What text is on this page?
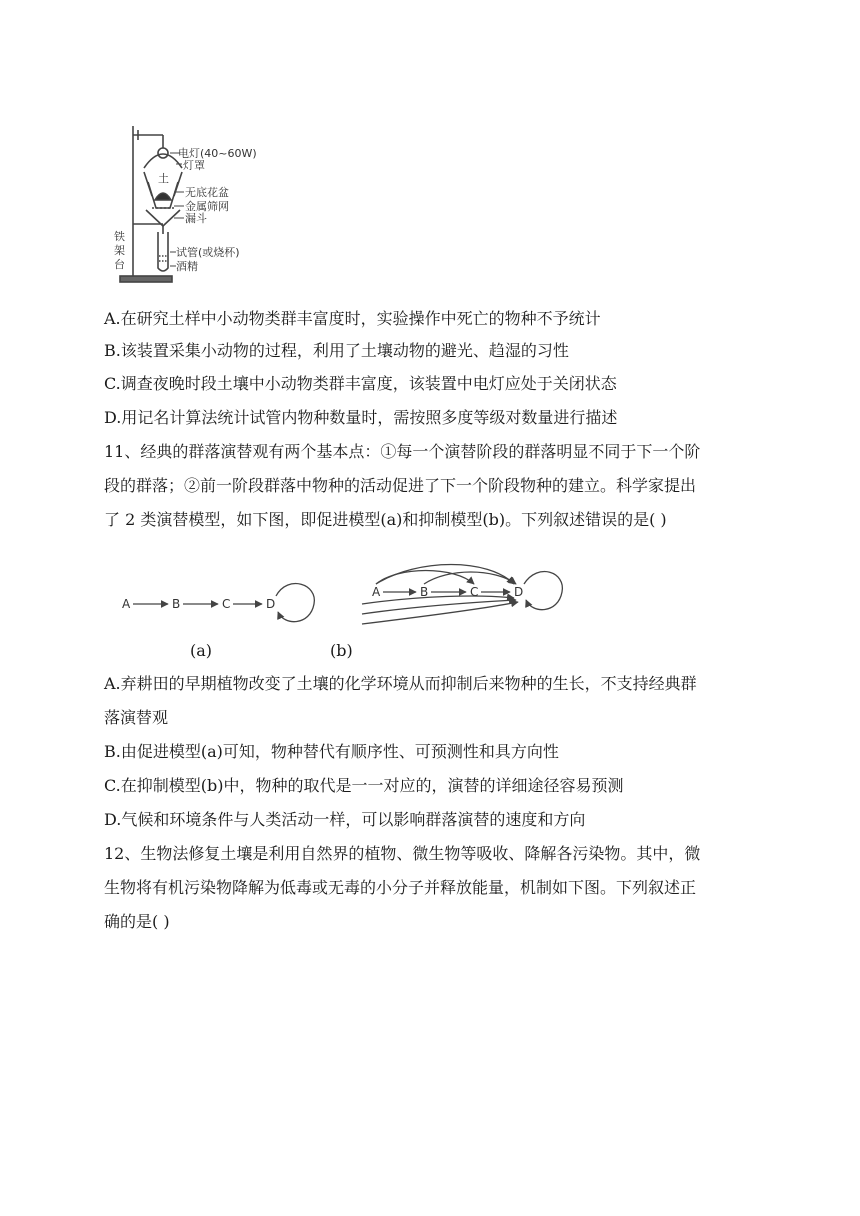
电灯(40~60W)
灯罩
土
无底花盆
金属筛网
漏斗
铁
架
台
试管(或烧杯)
酒精
A.在研究土样中小动物类群丰富度时，实验操作中死亡的物种不予统计
B.该装置采集小动物的过程，利用了土壤动物的避光、趋湿的习性
C.调查夜晚时段土壤中小动物类群丰富度，该装置中电灯应处于关闭状态
D.用记名计算法统计试管内物种数量时，需按照多度等级对数量进行描述
11、经典的群落演替观有两个基本点：①每一个演替阶段的群落明显不同于下一个阶
段的群落；②前一阶段群落中物种的活动促进了下一个阶段物种的建立。科学家提出
了 2 类演替模型，如下图，即促进模型(a)和抑制模型(b)。下列叙述错误的是( )
A	B	C	D
A	B	C	D
(a)	(b)
A.弃耕田的早期植物改变了土壤的化学环境从而抑制后来物种的生长，不支持经典群
落演替观
B.由促进模型(a)可知，物种替代有顺序性、可预测性和具方向性
C.在抑制模型(b)中，物种的取代是一一对应的，演替的详细途径容易预测
D.气候和环境条件与人类活动一样，可以影响群落演替的速度和方向
12、生物法修复土壤是利用自然界的植物、微生物等吸收、降解各污染物。其中，微
生物将有机污染物降解为低毒或无毒的小分子并释放能量，机制如下图。下列叙述正
确的是( )
